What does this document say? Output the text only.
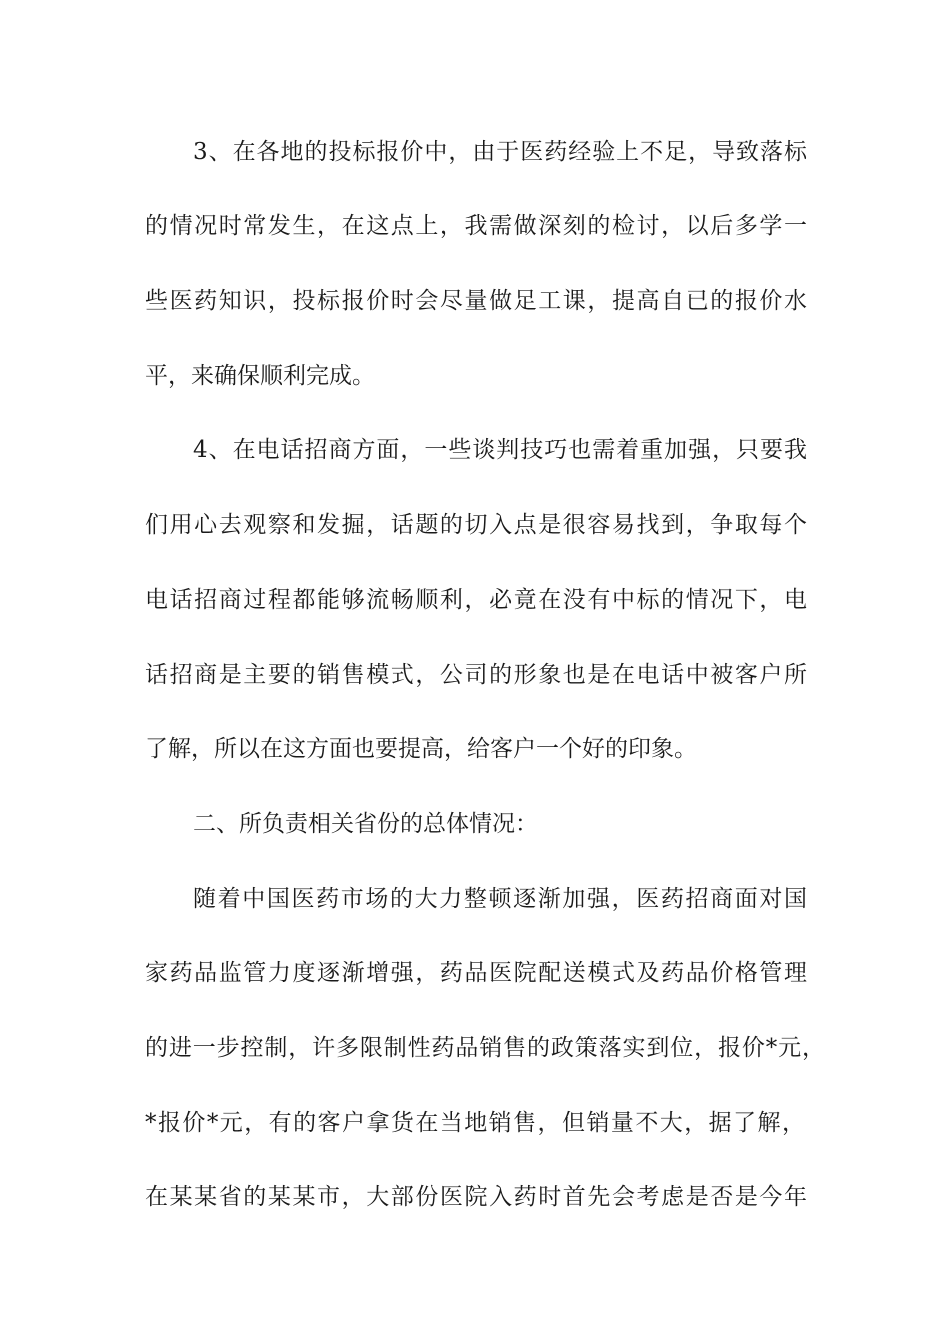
3、在各地的投标报价中，由于医药经验上不足，导致落标
的情况时常发生，在这点上，我需做深刻的检讨，以后多学一
些医药知识，投标报价时会尽量做足工课，提高自已的报价水
平，来确保顺利完成。
4、在电话招商方面，一些谈判技巧也需着重加强，只要我
们用心去观察和发掘，话题的切入点是很容易找到，争取每个
电话招商过程都能够流畅顺利，必竟在没有中标的情况下，电
话招商是主要的销售模式，公司的形象也是在电话中被客户所
了解，所以在这方面也要提高，给客户一个好的印象。
二、所负责相关省份的总体情况：
随着中国医药市场的大力整顿逐渐加强，医药招商面对国
家药品监管力度逐渐增强，药品医院配送模式及药品价格管理
的进一步控制，许多限制性药品销售的政策落实到位，报价*元，
*报价*元，有的客户拿货在当地销售，但销量不大，据了解，
在某某省的某某市，大部份医院入药时首先会考虑是否是今年
